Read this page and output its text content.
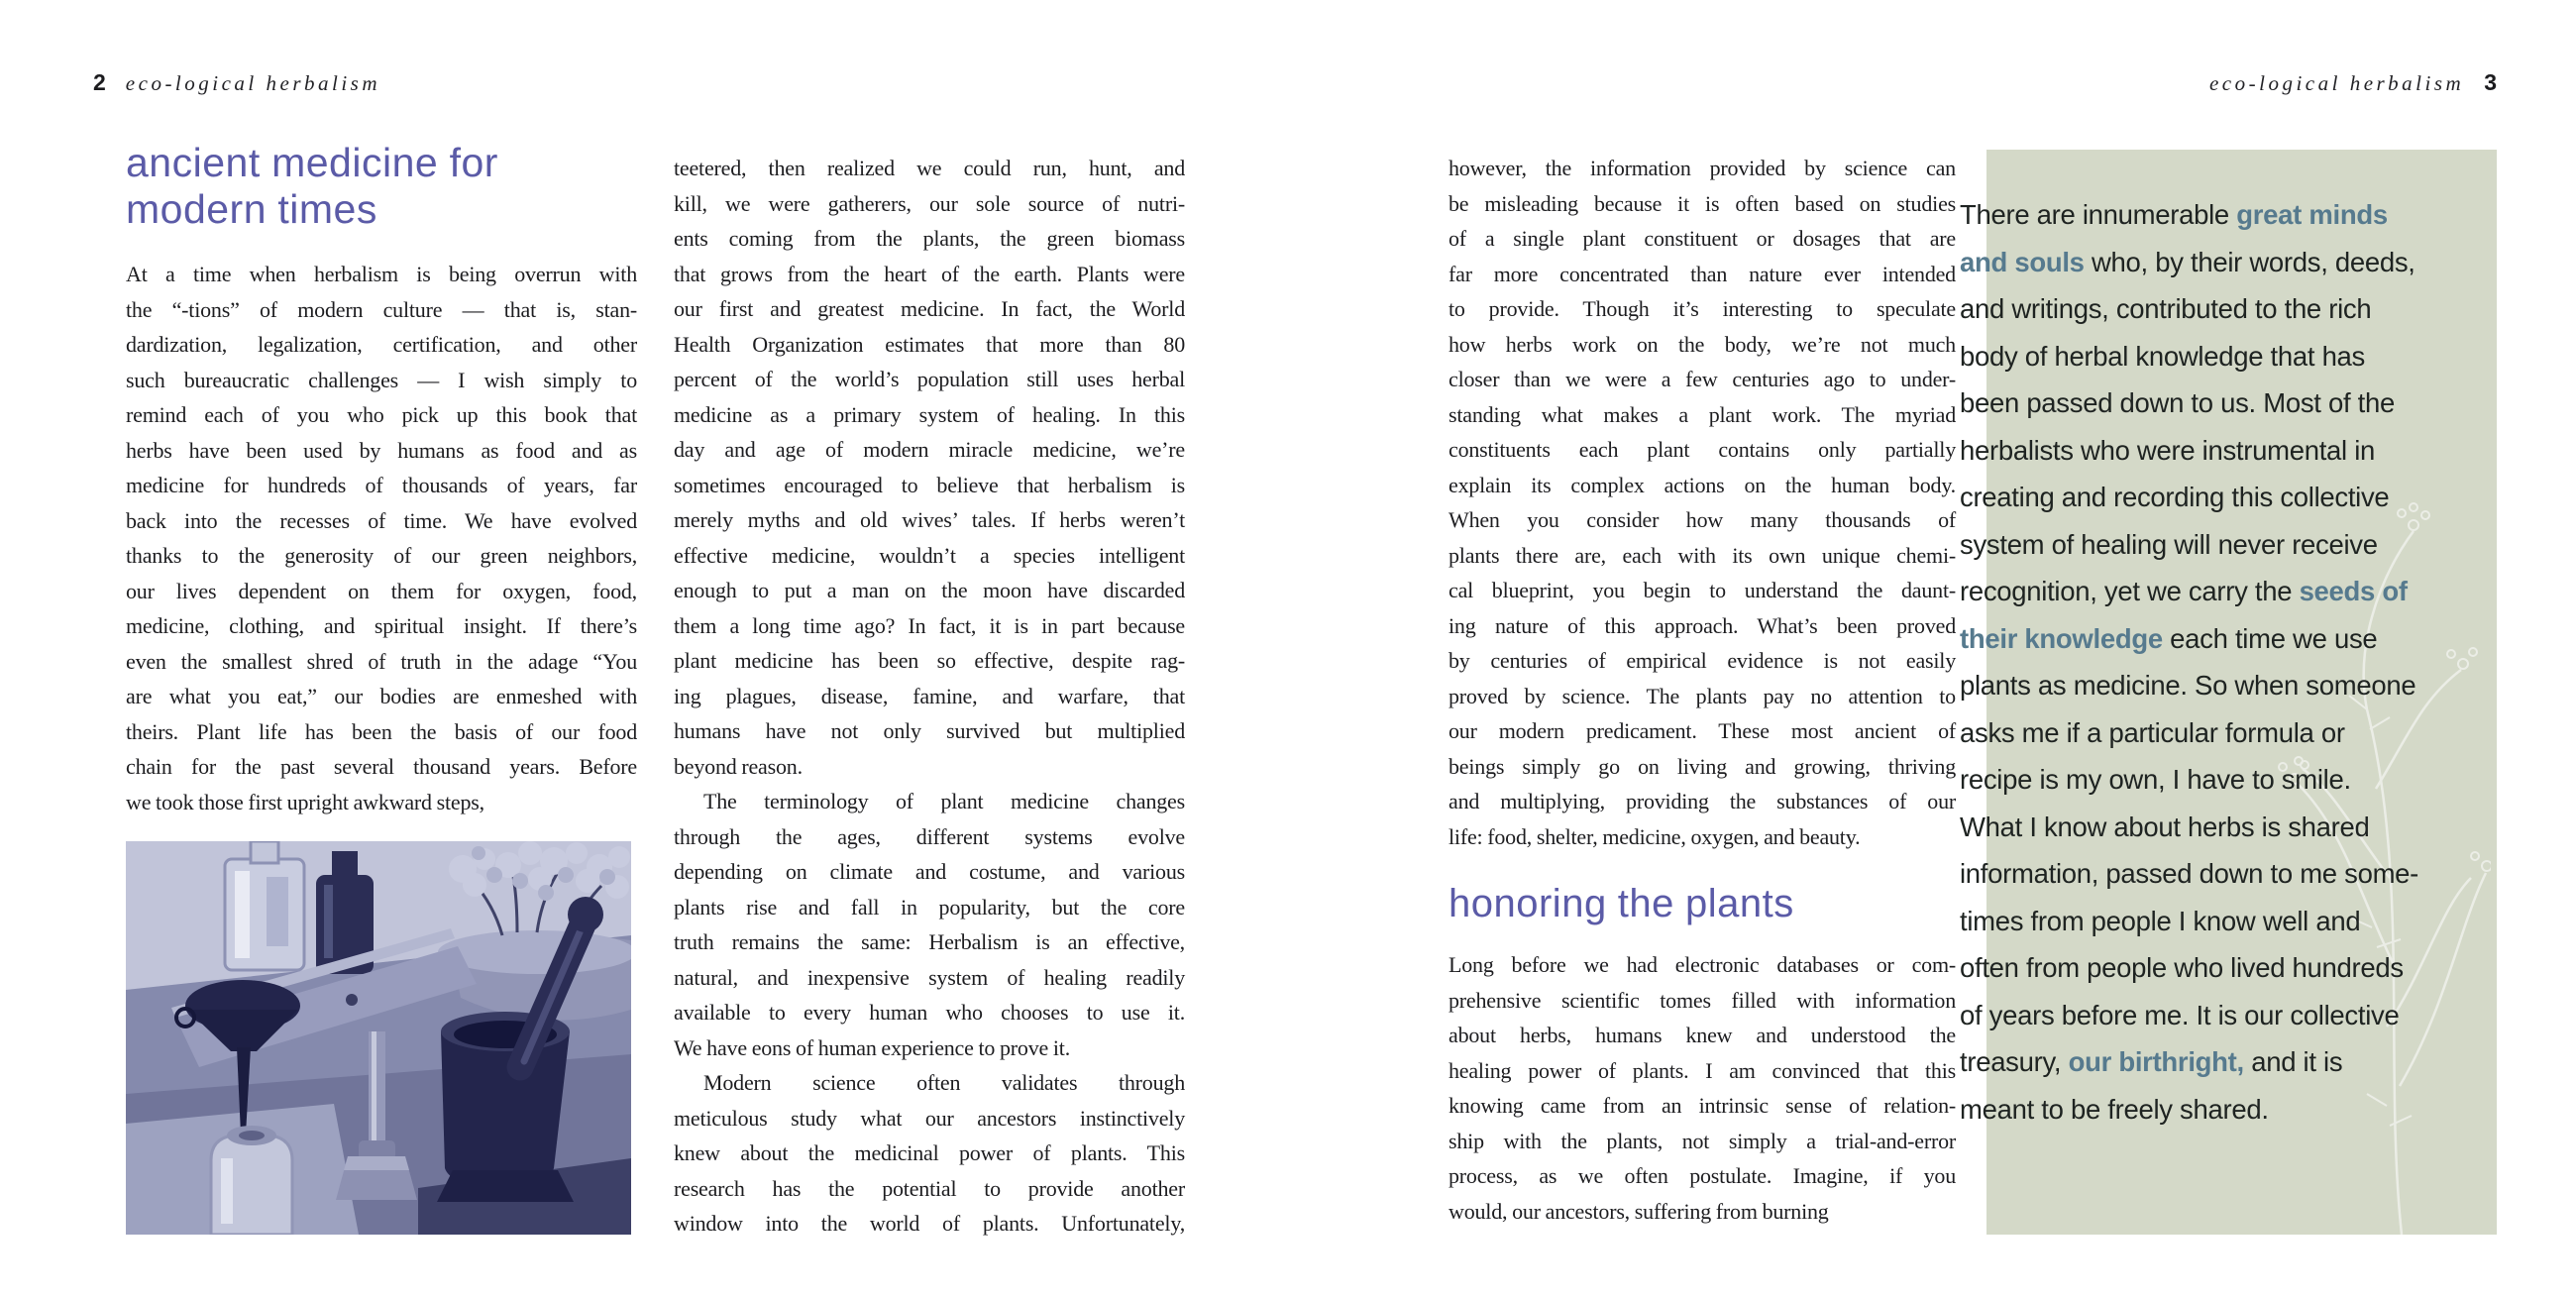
2 eco-logical herbalism	eco-logical herbalism 3
ancient medicine for
modern times
At a time when herbalism is being overrun with
the “-tions” of modern culture — that is, stan-
dardization, legalization, certification, and other
such bureaucratic challenges — I wish simply to
remind each of you who pick up this book that
herbs have been used by humans as food and as
medicine for hundreds of thousands of years, far
back into the recesses of time. We have evolved
thanks to the generosity of our green neighbors,
our lives dependent on them for oxygen, food,
medicine, clothing, and spiritual insight. If there’s
even the smallest shred of truth in the adage “You
are what you eat,” our bodies are enmeshed with
theirs. Plant life has been the basis of our food
chain for the past several thousand years. Before
we took those first upright awkward steps,
teetered, then realized we could run, hunt, and
kill, we were gatherers, our sole source of nutri-
ents coming from the plants, the green biomass
that grows from the heart of the earth. Plants were
our first and greatest medicine. In fact, the World
Health Organization estimates that more than 80
percent of the world’s population still uses herbal
medicine as a primary system of healing. In this
day and age of modern miracle medicine, we’re
sometimes encouraged to believe that herbalism is
merely myths and old wives’ tales. If herbs weren’t
effective medicine, wouldn’t a species intelligent
enough to put a man on the moon have discarded
them a long time ago? In fact, it is in part because
plant medicine has been so effective, despite rag-
ing plagues, disease, famine, and warfare, that
humans have not only survived but multiplied
beyond reason.
The terminology of plant medicine changes
through the ages, different systems evolve
depending on climate and costume, and various
plants rise and fall in popularity, but the core
truth remains the same: Herbalism is an effective,
natural, and inexpensive system of healing readily
available to every human who chooses to use it.
We have eons of human experience to prove it.
Modern science often validates through
meticulous study what our ancestors instinctively
knew about the medicinal power of plants. This
research has the potential to provide another
window into the world of plants. Unfortunately,
however, the information provided by science can
be misleading because it is often based on studies
of a single plant constituent or dosages that are
far more concentrated than nature ever intended
to provide. Though it’s interesting to speculate
how herbs work on the body, we’re not much
closer than we were a few centuries ago to under-
standing what makes a plant work. The myriad
constituents each plant contains only partially
explain its complex actions on the human body.
When you consider how many thousands of
plants there are, each with its own unique chemi-
cal blueprint, you begin to understand the daunt-
ing nature of this approach. What’s been proved
by centuries of empirical evidence is not easily
proved by science. The plants pay no attention to
our modern predicament. These most ancient of
beings simply go on living and growing, thriving
and multiplying, providing the substances of our
life: food, shelter, medicine, oxygen, and beauty.
honoring the plants
Long before we had electronic databases or com-
prehensive scientific tomes filled with information
about herbs, humans knew and understood the
healing power of plants. I am convinced that this
knowing came from an intrinsic sense of relation-
ship with the plants, not simply a trial-and-error
process, as we often postulate. Imagine, if you
would, our ancestors, suffering from burning
There are innumerable great minds
and souls who, by their words, deeds,
and writings, contributed to the rich
body of herbal knowledge that has
been passed down to us. Most of the
herbalists who were instrumental in
creating and recording this collective
system of healing will never receive
recognition, yet we carry the seeds of
their knowledge each time we use
plants as medicine. So when someone
asks me if a particular formula or
recipe is my own, I have to smile.
What I know about herbs is shared
information, passed down to me some-
times from people I know well and
often from people who lived hundreds
of years before me. It is our collective
treasury, our birthright, and it is
meant to be freely shared.
